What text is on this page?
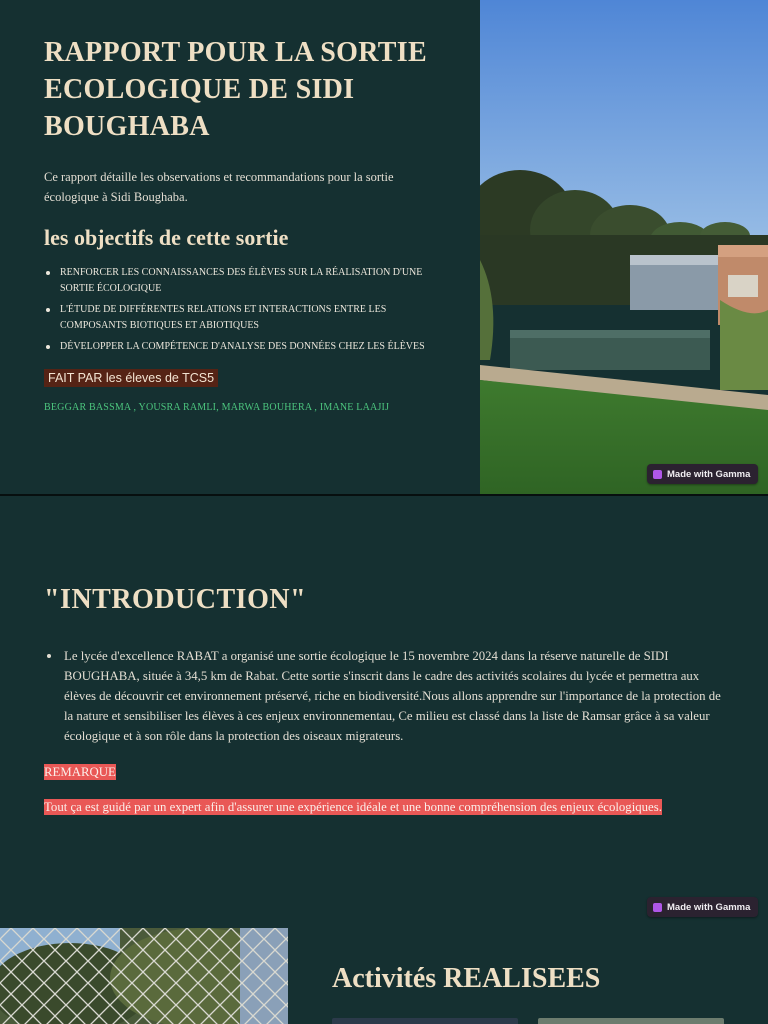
RAPPORT POUR LA SORTIE ECOLOGIQUE DE SIDI BOUGHABA

Ce rapport détaille les observations et recommandations pour la sortie écologique à Sidi Boughaba.

les objectifs de cette sortie
RENFORCER LES CONNAISSANCES DES ÉLÈVES SUR LA RÉALISATION D'UNE SORTIE ÉCOLOGIQUE
L'ÉTUDE DE DIFFÉRENTES RELATIONS ET INTERACTIONS ENTRE LES COMPOSANTS BIOTIQUES ET ABIOTIQUES
DÉVELOPPER LA COMPÉTENCE D'ANALYSE DES DONNÉES CHEZ LES ÉLÈVES
FAIT PAR les éleves de TCS5

BEGGAR BASSMA , YOUSRA RAMLI, MARWA BOUHERA , IMANE LAAJIJ

Made with Gamma
"INTRODUCTION"
Le lycée d'excellence RABAT a organisé une sortie écologique le 15 novembre 2024 dans la réserve naturelle de SIDI BOUGHABA, située à 34,5 km de Rabat. Cette sortie s'inscrit dans le cadre des activités scolaires du lycée et permettra aux élèves de découvrir cet environnement préservé, riche en biodiversité.Nous allons apprendre sur l'importance de la protection de la nature et sensibiliser les élèves à ces enjeux environnementau, Ce milieu est classé dans la liste de Ramsar grâce à sa valeur écologique et à son rôle dans la protection des oiseaux migrateurs.

REMARQUE

Tout ça est guidé par un expert afin d'assurer une expérience idéale et une bonne compréhension des enjeux écologiques.

Made with Gamma
Activités REALISEES
